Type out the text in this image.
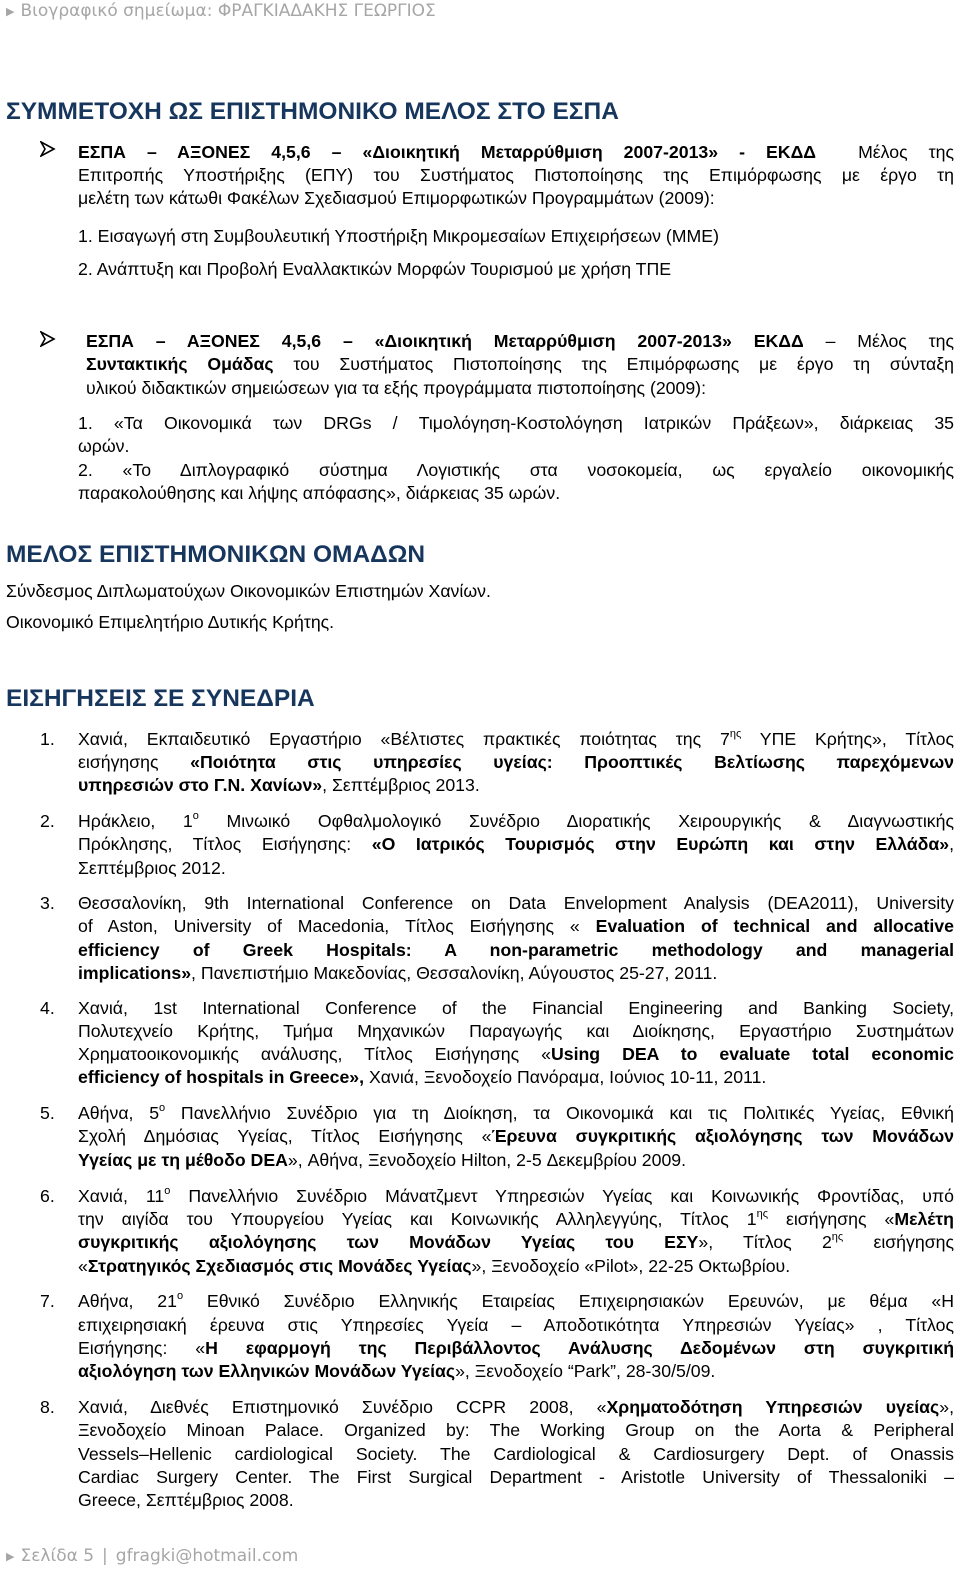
▶ Βιογραφικό σημείωμα: ΦΡΑΓΚΙΑΔΑΚΗΣ ΓΕΩΡΓΙΟΣ
ΣΥΜΜΕΤΟΧΗ ΩΣ ΕΠΙΣΤΗΜΟΝΙΚΟ ΜΕΛΟΣ ΣΤΟ ΕΣΠΑ
ΕΣΠΑ – ΑΞΟΝΕΣ 4,5,6 – «Διοικητική Μεταρρύθμιση 2007-2013» - ΕΚΔΔ Μέλος της
Επιτροπής Υποστήριξης (ΕΠΥ) του Συστήματος Πιστοποίησης της Επιμόρφωσης με έργο τη
μελέτη των κάτωθι Φακέλων Σχεδιασμού Επιμορφωτικών Προγραμμάτων (2009):
1. Εισαγωγή στη Συμβουλευτική Υποστήριξη Μικρομεσαίων Επιχειρήσεων (ΜΜΕ)
2. Ανάπτυξη και Προβολή Εναλλακτικών Μορφών Τουρισμού με χρήση ΤΠΕ
ΕΣΠΑ – ΑΞΟΝΕΣ 4,5,6 – «Διοικητική Μεταρρύθμιση 2007-2013» ΕΚΔΔ – Μέλος της
Συντακτικής Ομάδας του Συστήματος Πιστοποίησης της Επιμόρφωσης με έργο τη σύνταξη
υλικού διδακτικών σημειώσεων για τα εξής προγράμματα πιστοποίησης (2009):
1. «Τα Οικονομικά των DRGs / Τιμολόγηση-Κοστολόγηση Ιατρικών Πράξεων», διάρκειας 35
ωρών.
2. «Το Διπλογραφικό σύστημα Λογιστικής στα νοσοκομεία, ως εργαλείο οικονομικής
παρακολούθησης και λήψης απόφασης», διάρκειας 35 ωρών.
ΜΕΛΟΣ ΕΠΙΣΤΗΜΟΝΙΚΩΝ ΟΜΑΔΩΝ
Σύνδεσμος Διπλωματούχων Οικονομικών Επιστημών Χανίων.
Οικονομικό Επιμελητήριο Δυτικής Κρήτης.
ΕΙΣΗΓΗΣΕΙΣ ΣΕ ΣΥΝΕΔΡΙΑ
1. Χανιά, Εκπαιδευτικό Εργαστήριο «Βέλτιστες πρακτικές ποιότητας της $7^{\eta\varsigma}$ ΥΠΕ Κρήτης», Τίτλος
εισήγησης «Ποιότητα στις υπηρεσίες υγείας: Προοπτικές Βελτίωσης παρεχόμενων
υπηρεσιών στο Γ.Ν. Χανίων», Σεπτέμβριος 2013.
2. Ηράκλειο, $1^o$ Μινωικό Οφθαλμολογικό Συνέδριο Διορατικής Χειρουργικής & Διαγνωστικής
Πρόκλησης, Τίτλος Εισήγησης: «Ο Ιατρικός Τουρισμός στην Ευρώπη και στην Ελλάδα»,
Σεπτέμβριος 2012.
3. Θεσσαλονίκη, 9th International Conference on Data Envelopment Analysis (DEA2011), University
of Aston, University of Macedonia, Τίτλος Εισήγησης « Evaluation of technical and allocative
efficiency of Greek Hospitals: A non-parametric methodology and managerial
implications», Πανεπιστήμιο Μακεδονίας, Θεσσαλονίκη, Αύγουστος 25-27, 2011.
4. Χανιά, 1st International Conference of the Financial Engineering and Banking Society,
Πολυτεχνείο Κρήτης, Τμήμα Μηχανικών Παραγωγής και Διοίκησης, Εργαστήριο Συστημάτων
Χρηματοοικονομικής ανάλυσης, Τίτλος Εισήγησης «Using DEA to evaluate total economic
efficiency of hospitals in Greece», Χανιά, Ξενοδοχείο Πανόραμα, Ιούνιος 10-11, 2011.
5. Αθήνα, $5^o$ Πανελλήνιο Συνέδριο για τη Διοίκηση, τα Οικονομικά και τις Πολιτικές Υγείας, Εθνική
Σχολή Δημόσιας Υγείας, Τίτλος Εισήγησης «Έρευνα συγκριτικής αξιολόγησης των Μονάδων
Υγείας με τη μέθοδο DEA», Αθήνα, Ξενοδοχείο Hilton, 2-5 Δεκεμβρίου 2009.
6. Χανιά, $11^o$ Πανελλήνιο Συνέδριο Μάνατζμεντ Υπηρεσιών Υγείας και Κοινωνικής Φροντίδας, υπό
την αιγίδα του Υπουργείου Υγείας και Κοινωνικής Αλληλεγγύης, Τίτλος $1^{\eta\varsigma}$ εισήγησης «Μελέτη
συγκριτικής αξιολόγησης των Μονάδων Υγείας του ΕΣΥ», Τίτλος $2^{\eta\varsigma}$ εισήγησης
«Στρατηγικός Σχεδιασμός στις Μονάδες Υγείας», Ξενοδοχείο «Pilot», 22-25 Οκτωβρίου.
7. Αθήνα, $21^o$ Εθνικό Συνέδριο Ελληνικής Εταιρείας Επιχειρησιακών Ερευνών, με θέμα «Η
επιχειρησιακή έρευνα στις Υπηρεσίες Υγεία – Αποδοτικότητα Υπηρεσιών Υγείας» , Τίτλος
Εισήγησης: «Η εφαρμογή της Περιβάλλοντος Ανάλυσης Δεδομένων στη συγκριτική
αξιολόγηση των Ελληνικών Μονάδων Υγείας», Ξενοδοχείο “Park”, 28-30/5/09.
8. Χανιά, Διεθνές Επιστημονικό Συνέδριο CCPR 2008, «Χρηματοδότηση Υπηρεσιών υγείας»,
Ξενοδοχείο Minoan Palace. Organized by: The Working Group on the Aorta & Peripheral
Vessels–Hellenic cardiological Society. The Cardiological & Cardiosurgery Dept. of Onassis
Cardiac Surgery Center. The First Surgical Department - Aristotle University of Thessaloniki –
Greece, Σεπτέμβριος 2008.
▶ Σελίδα 5 | gfragki@hotmail.com
